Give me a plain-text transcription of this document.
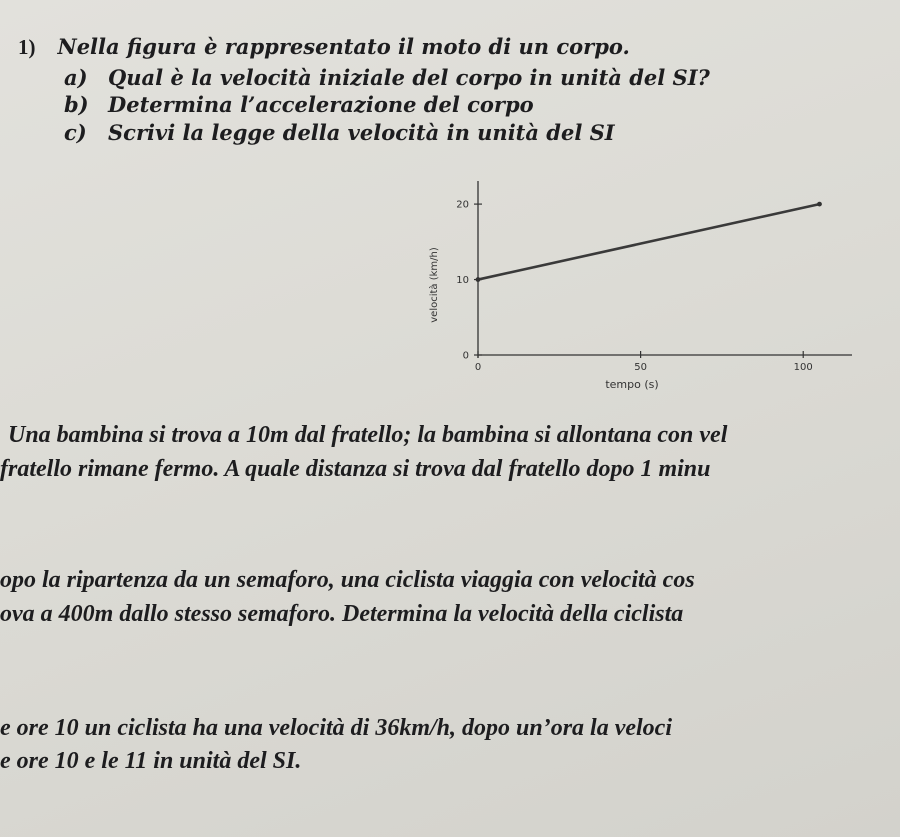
1) Nella figura è rappresentato il moto di un corpo.

a) Qual è la velocità iniziale del corpo in unità del SI?

b) Determina l’accelerazione del corpo

c) Scrivi la legge della velocità in unità del SI

0
10
20
0	50	100
velocità (km/h)
tempo (s)

Una bambina si trova a 10m dal fratello; la bambina si allontana con vel

fratello rimane fermo. A quale distanza si trova dal fratello dopo 1 minu

opo la ripartenza da un semaforo, una ciclista viaggia con velocità cos

ova a 400m dallo stesso semaforo. Determina la velocità della ciclista

e ore 10 un ciclista ha una velocità di 36km/h, dopo un’ora la veloci

e ore 10 e le 11 in unità del SI.
